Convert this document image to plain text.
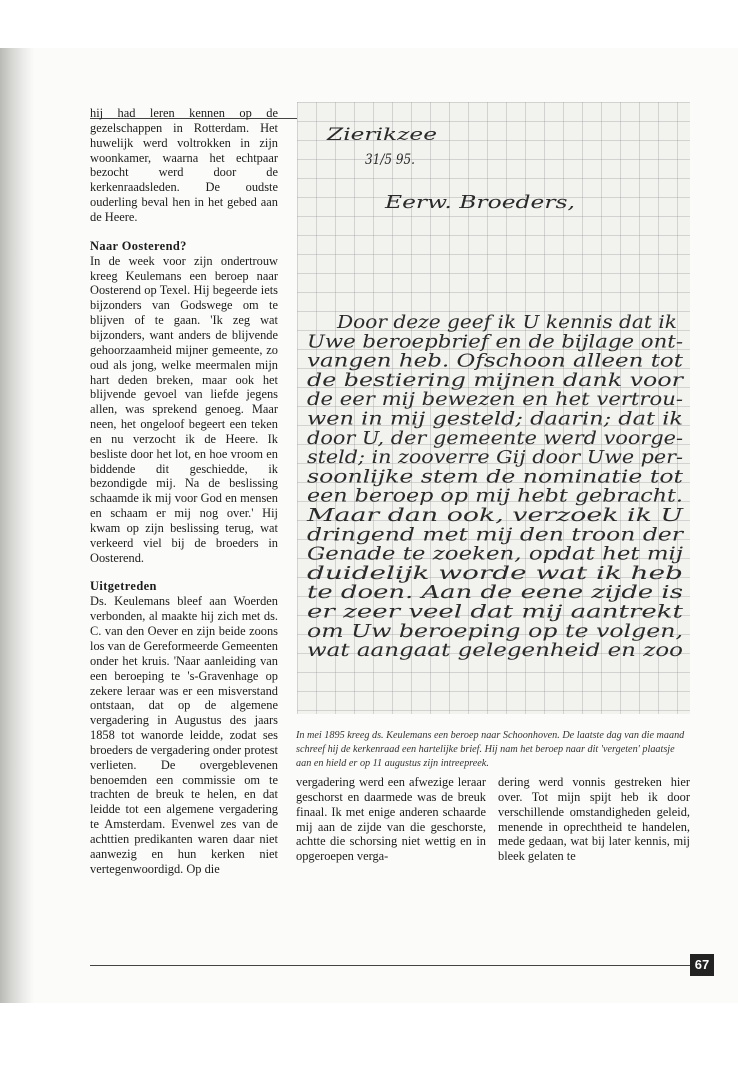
67

hij had leren kennen op de gezelschappen in Rotterdam. Het huwelijk werd voltrokken in zijn woonkamer, waarna het echtpaar bezocht werd door de kerkenraadsleden. De oudste ouderling beval hen in het gebed aan de Heere.

Naar Oosterend?

In de week voor zijn ondertrouw kreeg Keulemans een beroep naar Oosterend op Texel. Hij begeerde iets bijzonders van Godswege om te blijven of te gaan. 'Ik zeg wat bijzonders, want anders de blijvende gehoorzaamheid mijner gemeente, zo oud als jong, welke meermalen mijn hart deden breken, maar ook het blijvende gevoel van liefde jegens allen, was sprekend genoeg. Maar neen, het ongeloof begeert een teken en nu verzocht ik de Heere. Ik besliste door het lot, en hoe vroom en biddende dit geschiedde, ik bezondigde mij. Na de beslissing schaamde ik mij voor God en mensen en schaam er mij nog over.' Hij kwam op zijn beslissing terug, wat verkeerd viel bij de broeders in Oosterend.

Uitgetreden

Ds. Keulemans bleef aan Woerden verbonden, al maakte hij zich met ds. C. van den Oever en zijn beide zoons los van de Gereformeerde Gemeenten onder het kruis. 'Naar aanleiding van een beroeping te 's-Gravenhage op zekere leraar was er een misverstand ontstaan, dat op de algemene vergadering in Augustus des jaars 1858 tot wanorde leidde, zodat ses broeders de vergadering onder protest verlieten. De overgeblevenen benoemden een commissie om te trachten de breuk te helen, en dat leidde tot een algemene vergadering te Amsterdam. Evenwel zes van de achttien predikanten waren daar niet aanwezig en hun kerken niet vertegenwoordigd. Op die

Zierikzee
31/5 95.
Eerw. Broeders,
Door deze geef ik U kennis dat ik
Uwe beroepbrief en de bijlage ont-
vangen heb. Ofschoon alleen tot
de bestiering mijnen dank voor
de eer mij bewezen en het vertrou-
wen in mij gesteld; daarin; dat ik
door U, der gemeente werd voorge-
steld; in zooverre Gij door Uwe per-
soonlijke stem de nominatie tot
een beroep op mij hebt gebracht.
Maar dan ook, verzoek ik U
dringend met mij den troon der
Genade te zoeken, opdat het mij
duidelijk worde wat ik heb
te doen. Aan de eene zijde is
er zeer veel dat mij aantrekt
om Uw beroeping op te volgen,
wat aangaat gelegenheid en zoo
In mei 1895 kreeg ds. Keulemans een beroep naar Schoonhoven. De laatste dag van die maand schreef hij de kerkenraad een hartelijke brief. Hij nam het beroep naar dit 'vergeten' plaatsje aan en hield er op 11 augustus zijn intreepreek.

vergadering werd een afwezige leraar geschorst en daarmede was de breuk finaal. Ik met enige anderen schaarde mij aan de zijde van die geschorste, achtte die schorsing niet wettig en in opgeroepen verga-

dering werd vonnis gestreken hier over. Tot mijn spijt heb ik door verschillende omstandigheden geleid, menende in oprechtheid te handelen, mede gedaan, wat bij later kennis, mij bleek gelaten te
